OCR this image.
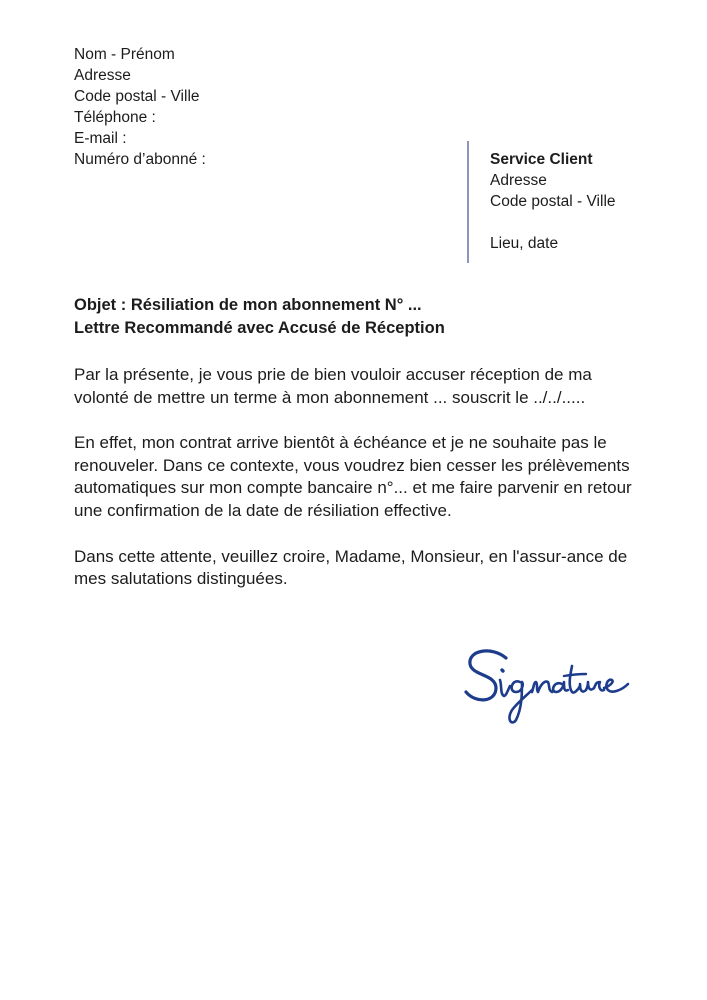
Nom - Prénom
Adresse
Code postal - Ville
Téléphone :
E-mail :
Numéro d’abonné :	Service Client
Adresse
Code postal - Ville
Lieu, date
Objet : Résiliation de mon abonnement N° ...
Lettre Recommandé avec Accusé de Réception

Par la présente, je vous prie de bien vouloir accuser réception de ma volonté de mettre un terme à mon abonnement ... souscrit le ../../.....

En effet, mon contrat arrive bientôt à échéance et je ne souhaite pas le renouveler. Dans ce contexte, vous voudrez bien cesser les prélèvements automatiques sur mon compte bancaire n°... et me faire parvenir en retour une confirmation de la date de résiliation effective.

Dans cette attente, veuillez croire, Madame, Monsieur, en l'assur-ance de mes salutations distinguées.
